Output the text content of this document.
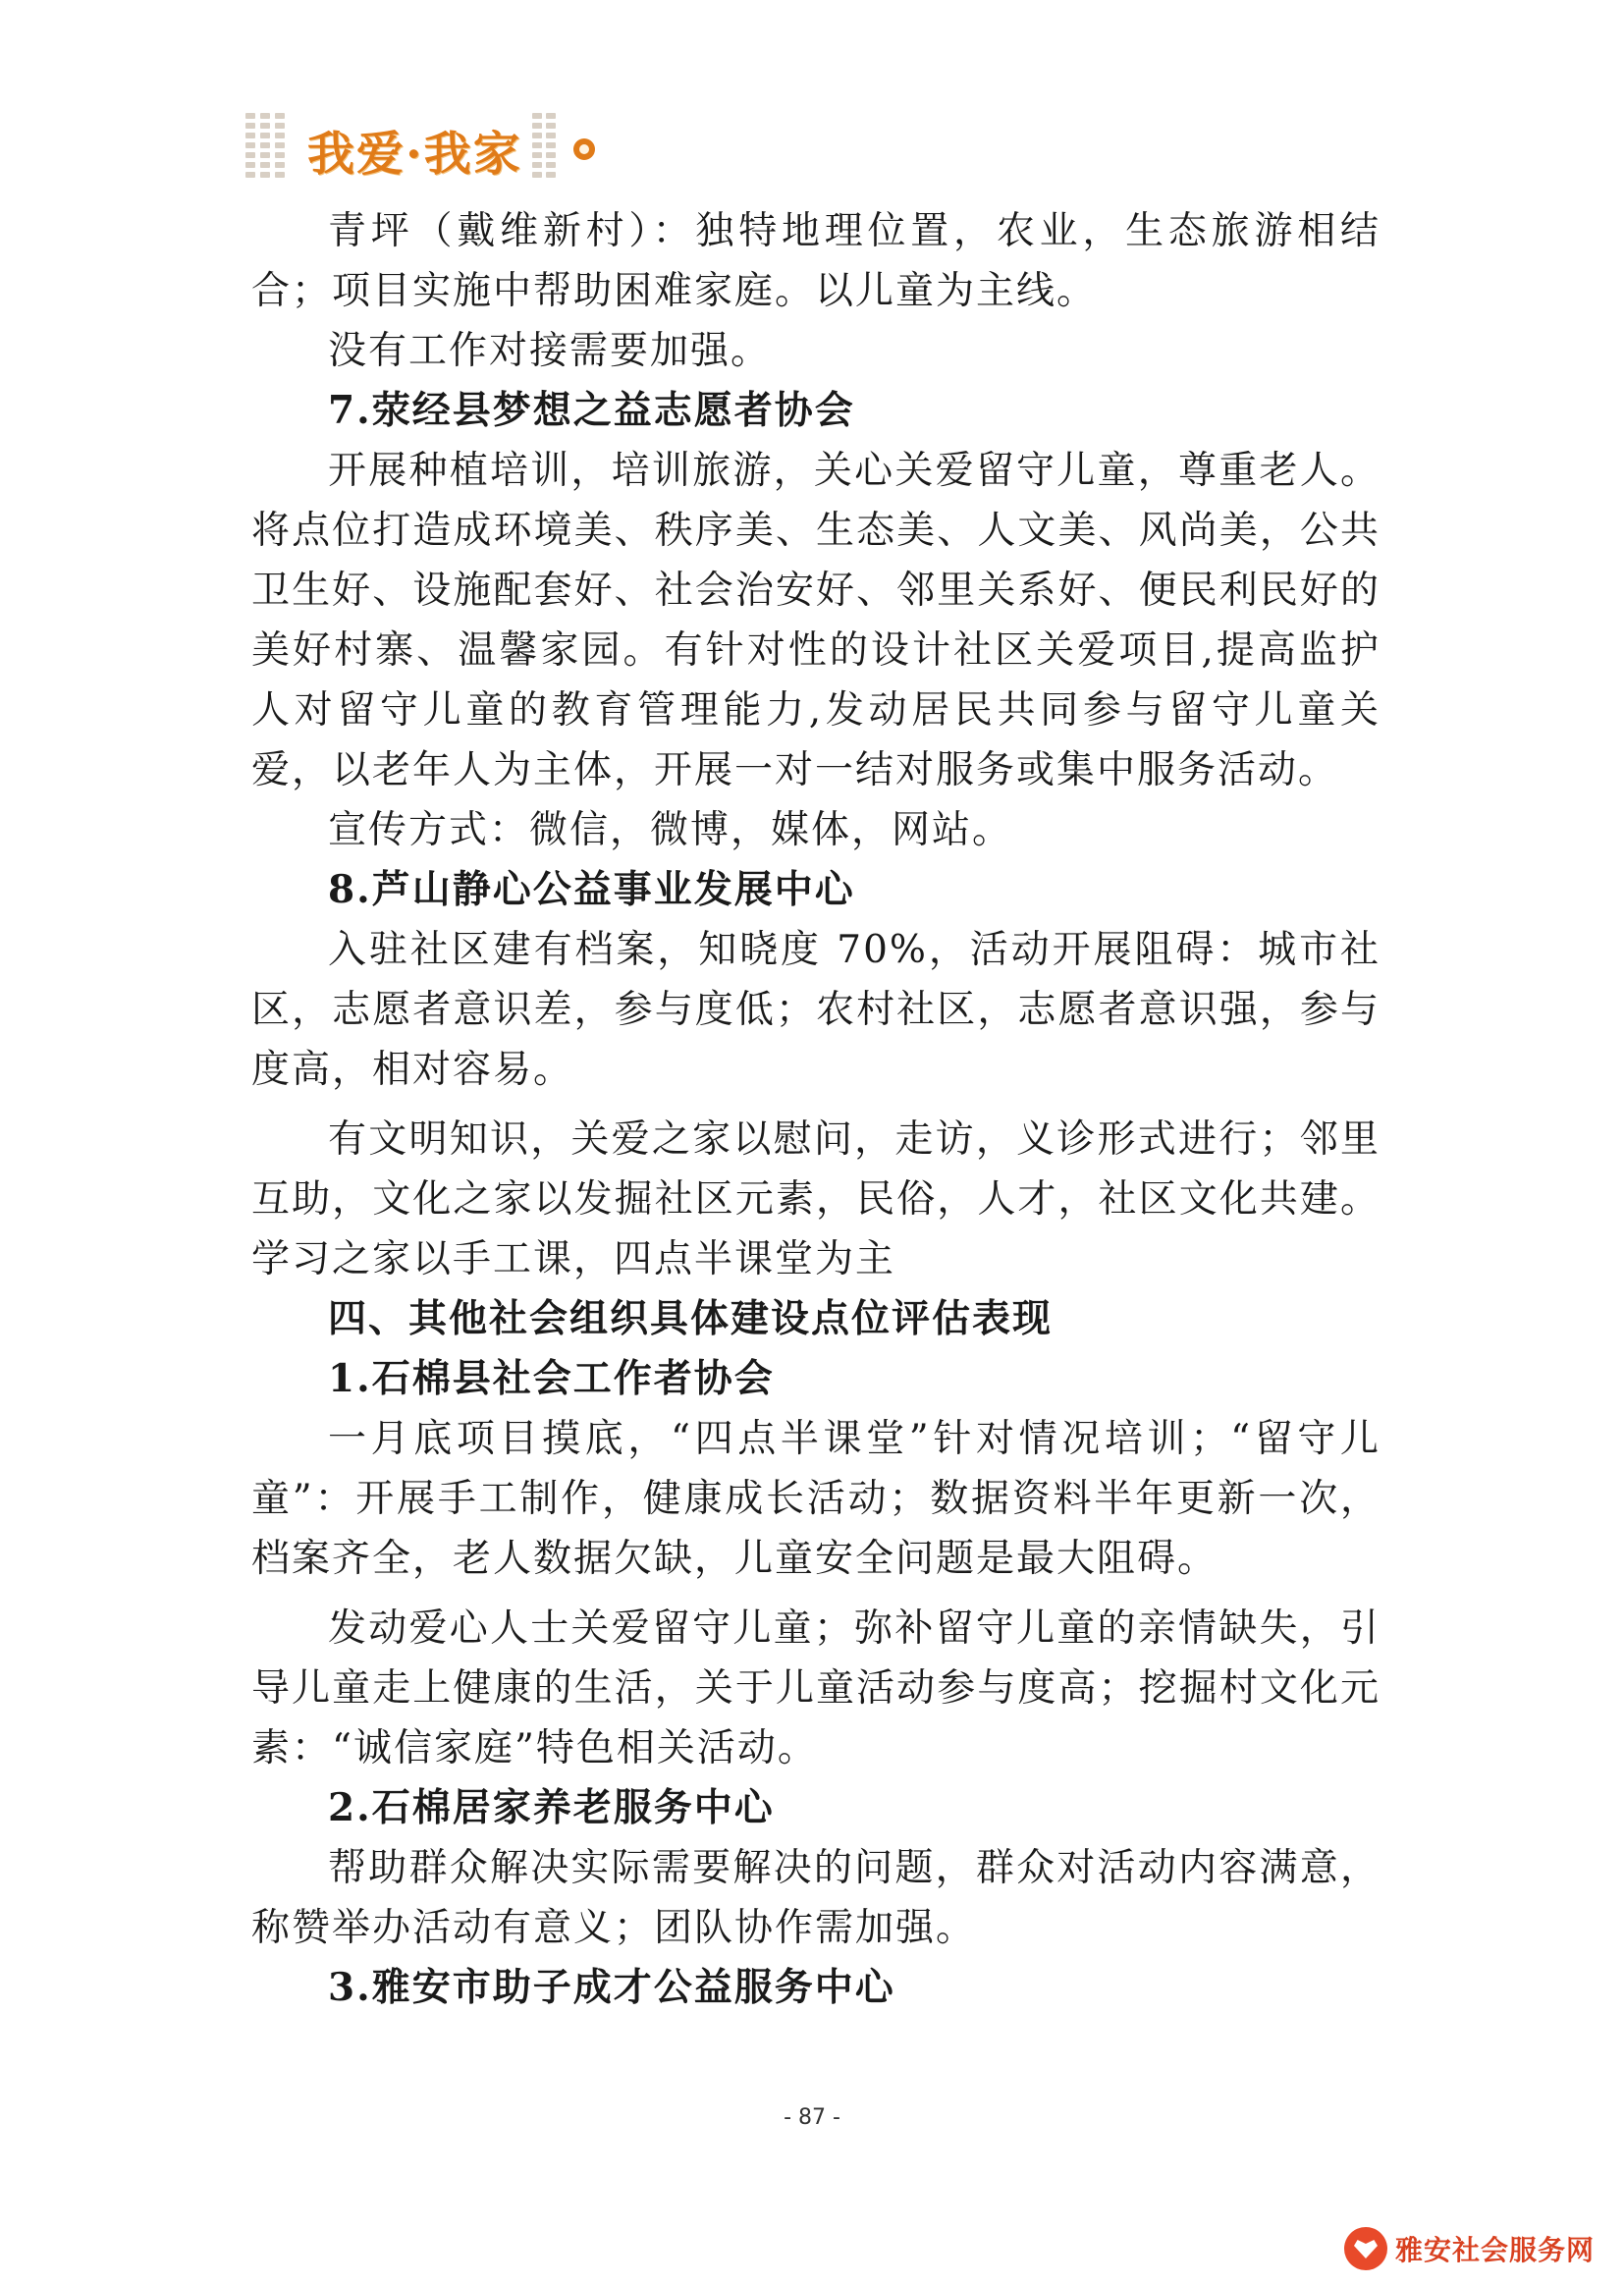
我爱·我家

青坪（戴维新村）：独特地理位置，农业，生态旅游相结合；项目实施中帮助困难家庭。以儿童为主线。

没有工作对接需要加强。

7.荥经县梦想之益志愿者协会

开展种植培训，培训旅游，关心关爱留守儿童，尊重老人。将点位打造成环境美、秩序美、生态美、人文美、风尚美，公共卫生好、设施配套好、社会治安好、邻里关系好、便民利民好的美好村寨、温馨家园。有针对性的设计社区关爱项目,提高监护人对留守儿童的教育管理能力,发动居民共同参与留守儿童关爱，以老年人为主体，开展一对一结对服务或集中服务活动。

宣传方式：微信，微博，媒体，网站。

8.芦山静心公益事业发展中心

入驻社区建有档案，知晓度 70%，活动开展阻碍：城市社区，志愿者意识差，参与度低；农村社区，志愿者意识强，参与度高，相对容易。

有文明知识，关爱之家以慰问，走访，义诊形式进行；邻里互助，文化之家以发掘社区元素，民俗，人才，社区文化共建。学习之家以手工课，四点半课堂为主

四、其他社会组织具体建设点位评估表现

1.石棉县社会工作者协会

一月底项目摸底，“四点半课堂”针对情况培训；“留守儿童”：开展手工制作，健康成长活动；数据资料半年更新一次，档案齐全，老人数据欠缺，儿童安全问题是最大阻碍。

发动爱心人士关爱留守儿童；弥补留守儿童的亲情缺失，引导儿童走上健康的生活，关于儿童活动参与度高；挖掘村文化元素：“诚信家庭”特色相关活动。

2.石棉居家养老服务中心

帮助群众解决实际需要解决的问题，群众对活动内容满意，称赞举办活动有意义；团队协作需加强。

3.雅安市助子成才公益服务中心

- 87 -
雅安社会服务网
